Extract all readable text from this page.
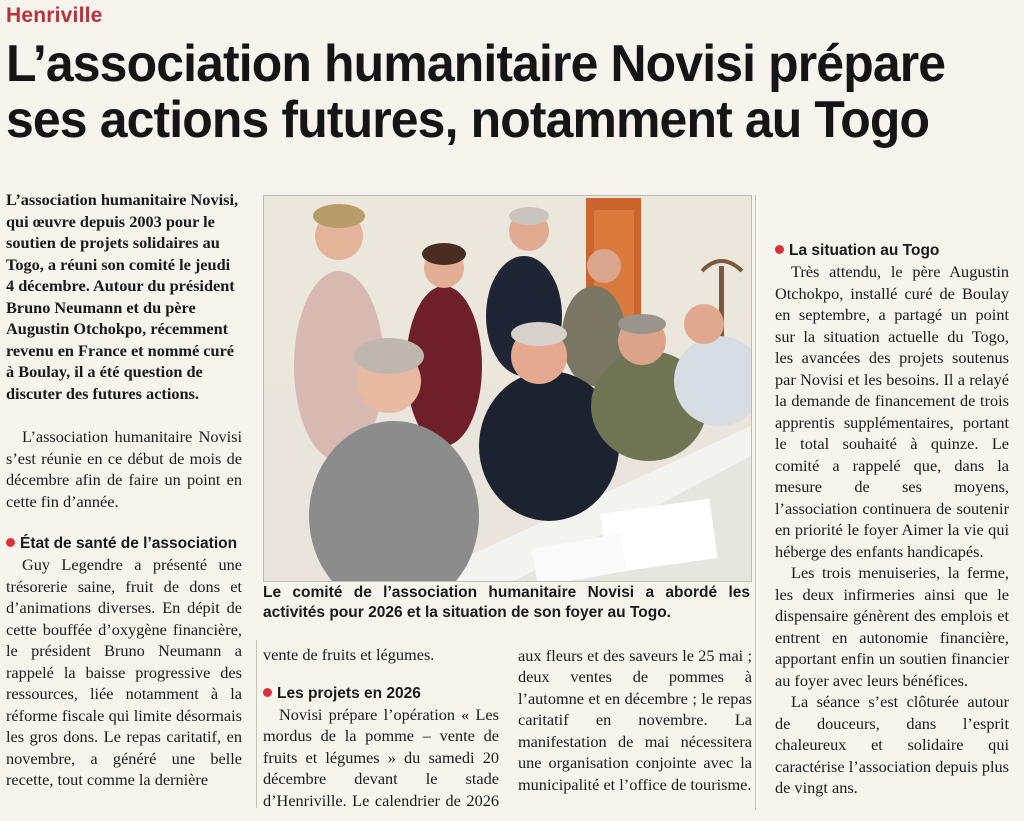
Henriville
L’association humanitaire Novisi prépare ses actions futures, notamment au Togo

L’association humanitaire Novisi, qui œuvre depuis 2003 pour le soutien de projets solidaires au Togo, a réuni son comité le jeudi 4 décembre. Autour du président Bruno Neumann et du père Augustin Otchokpo, récemment revenu en France et nommé curé à Boulay, il a été question de discuter des futures actions.

L’association humanitaire Novisi s’est réunie en ce début de mois de décembre afin de faire un point en cette fin d’année.

État de santé de l’association

Guy Legendre a présenté une trésorerie saine, fruit de dons et d’animations diverses. En dépit de cette bouffée d’oxygène financière, le président Bruno Neumann a rappelé la baisse progressive des ressources, liée notamment à la réforme fiscale qui limite désormais les gros dons. Le repas caritatif, en novembre, a généré une belle recette, tout comme la dernière

Le comité de l’association humanitaire Novisi a abordé les activités pour 2026 et la situation de son foyer au Togo.

vente de fruits et légumes.

Les projets en 2026

Novisi prépare l’opération « Les mordus de la pomme – vente de fruits et légumes » du samedi 20 décembre devant le stade d’Henriville. Le calendrier de 2026

aux fleurs et des saveurs le 25 mai ; deux ventes de pommes à l’automne et en décembre ; le repas caritatif en novembre. La manifestation de mai nécessitera une organisation conjointe avec la municipalité et l’office de tourisme.

La situation au Togo

Très attendu, le père Augustin Otchokpo, installé curé de Boulay en septembre, a partagé un point sur la situation actuelle du Togo, les avancées des projets soutenus par Novisi et les besoins. Il a relayé la demande de financement de trois apprentis supplémentaires, portant le total souhaité à quinze. Le comité a rappelé que, dans la mesure de ses moyens, l’association continuera de soutenir en priorité le foyer Aimer la vie qui héberge des enfants handicapés.

Les trois menuiseries, la ferme, les deux infirmeries ainsi que le dispensaire génèrent des emplois et entrent en autonomie financière, apportant enfin un soutien financier au foyer avec leurs bénéfices.

La séance s’est clôturée autour de douceurs, dans l’esprit chaleureux et solidaire qui caractérise l’association depuis plus de vingt ans.
